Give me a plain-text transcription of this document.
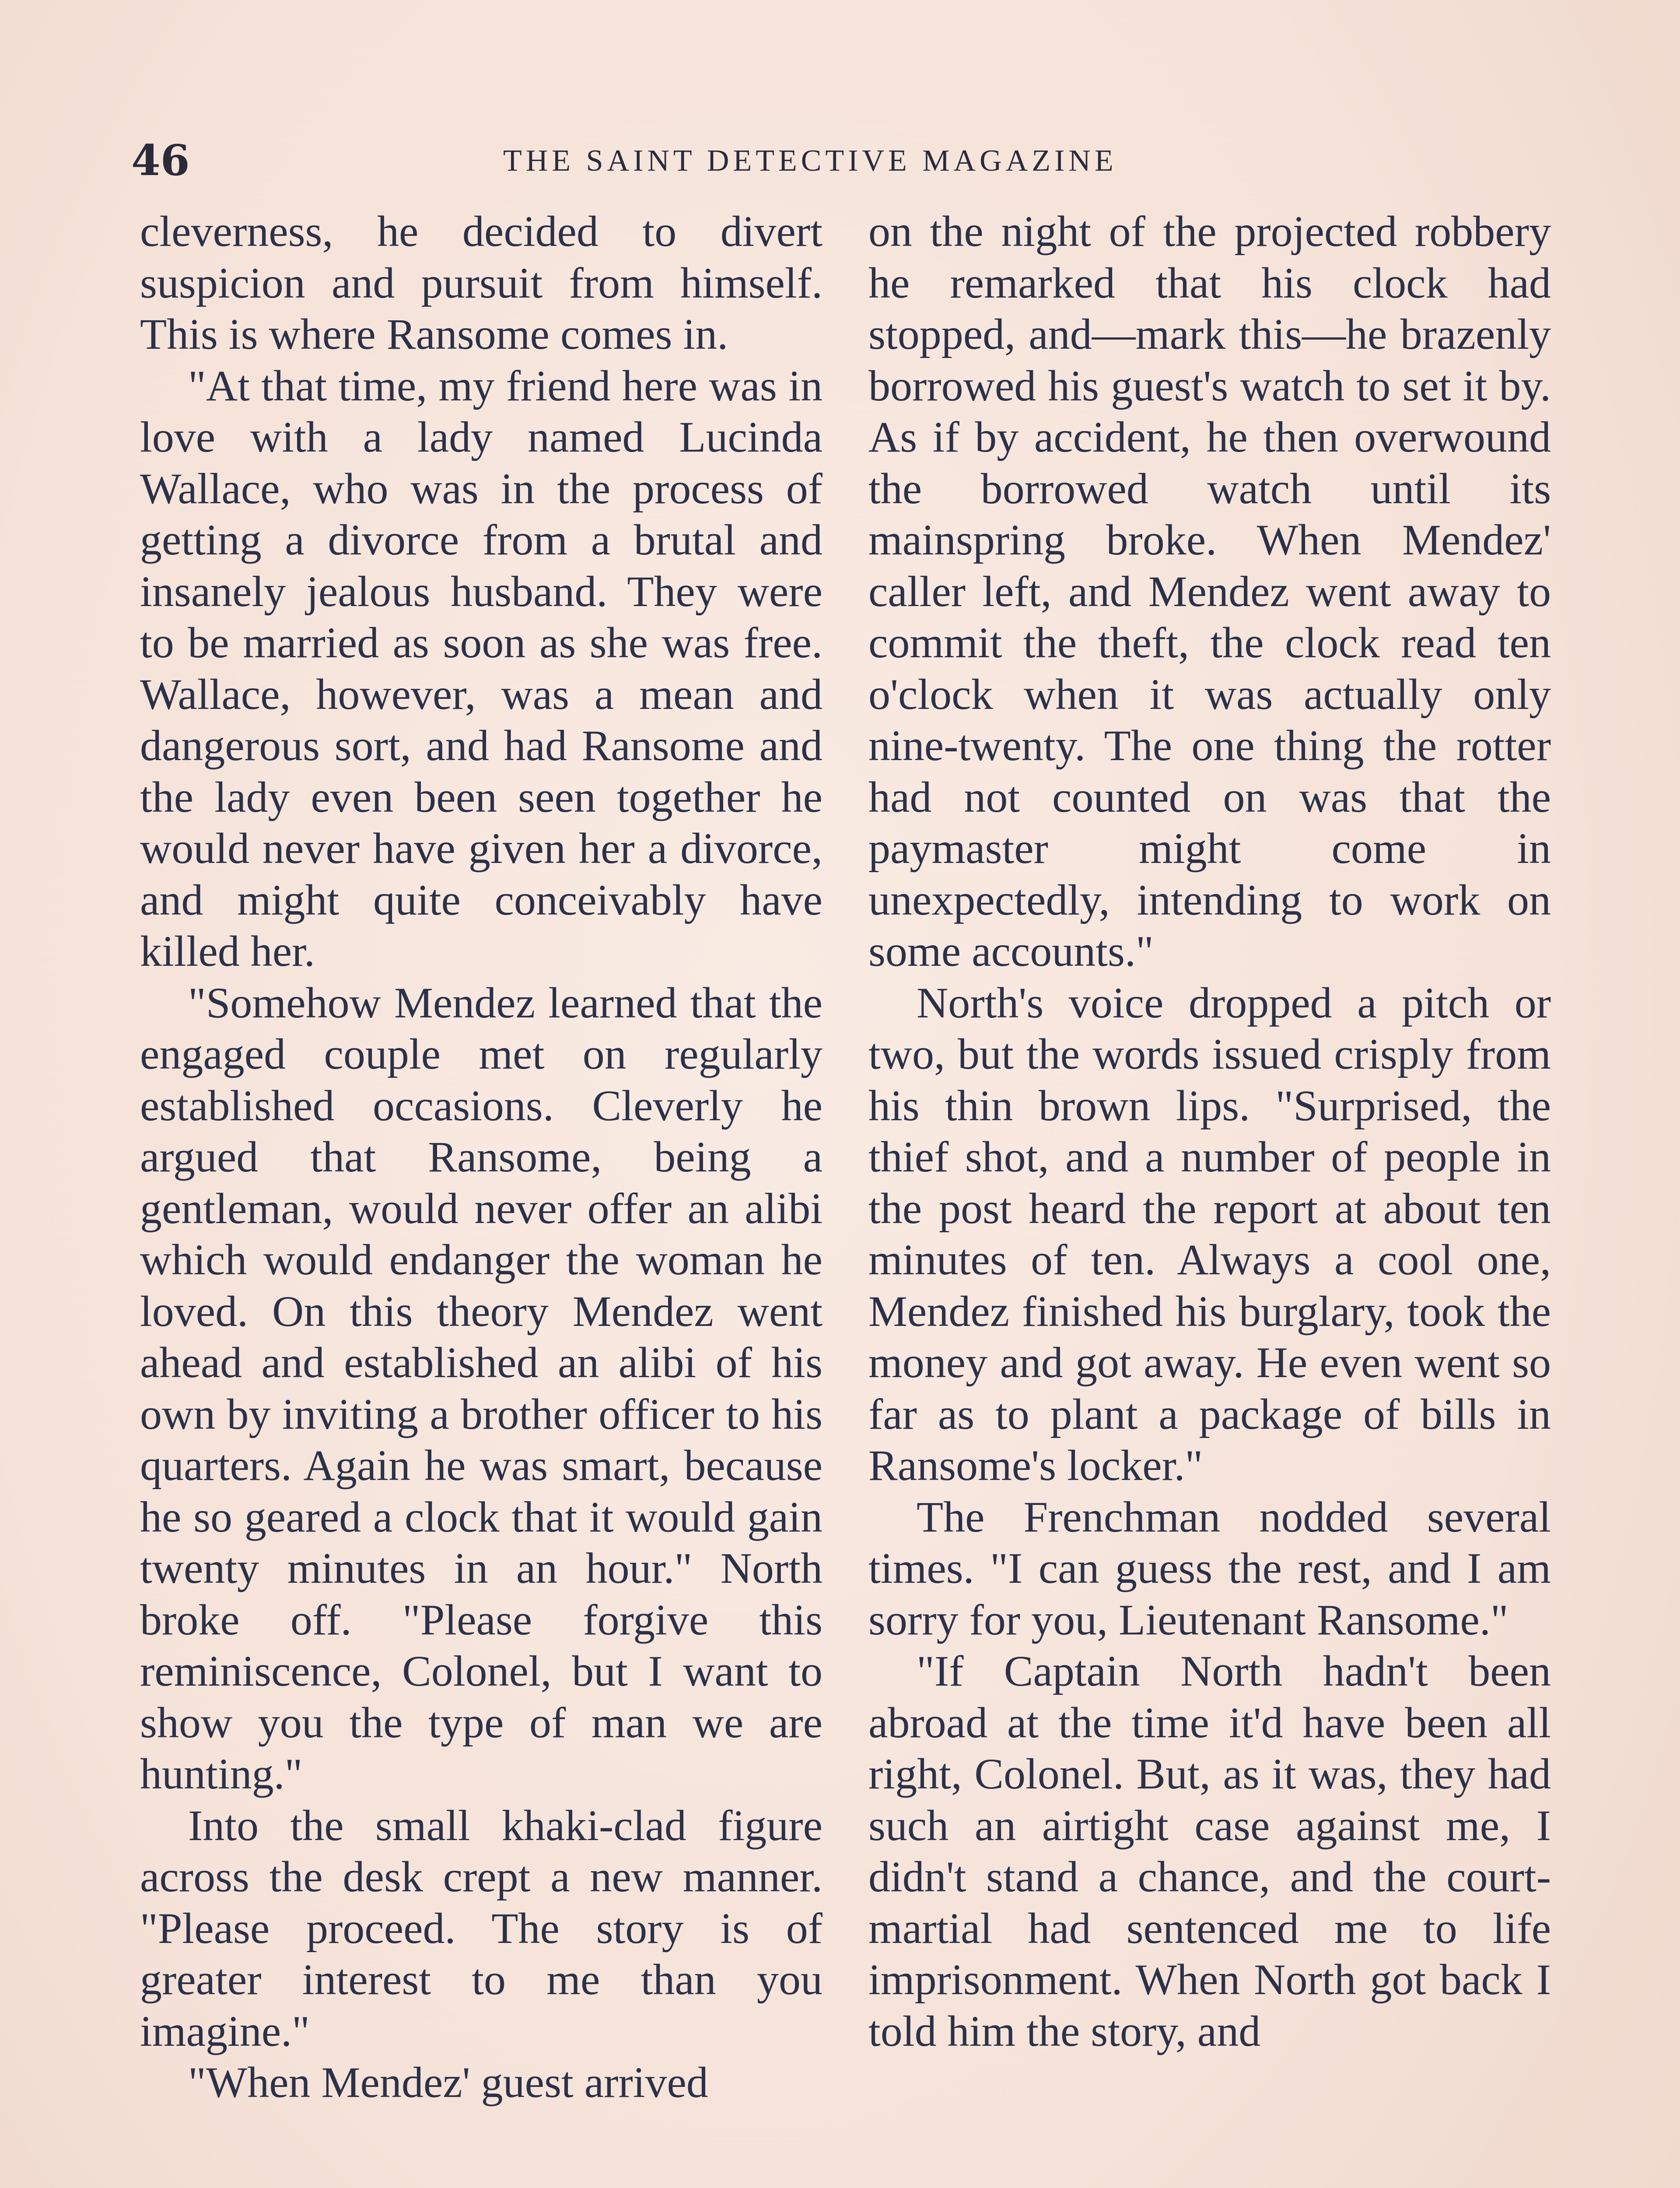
46	THE SAINT DETECTIVE MAGAZINE

cleverness, he decided to divert suspicion and pursuit from himself. This is where Ransome comes in.

"At that time, my friend here was in love with a lady named Lucinda Wallace, who was in the process of getting a divorce from a brutal and insanely jealous husband. They were to be married as soon as she was free. Wallace, however, was a mean and dangerous sort, and had Ransome and the lady even been seen together he would never have given her a divorce, and might quite conceivably have killed her.

"Somehow Mendez learned that the engaged couple met on regularly established occasions. Cleverly he argued that Ransome, being a gentleman, would never offer an alibi which would endanger the woman he loved. On this theory Mendez went ahead and established an alibi of his own by inviting a brother officer to his quarters. Again he was smart, because he so geared a clock that it would gain twenty minutes in an hour." North broke off. "Please forgive this reminiscence, Colonel, but I want to show you the type of man we are hunting."

Into the small khaki-clad figure across the desk crept a new manner. "Please proceed. The story is of greater interest to me than you imagine."

"When Mendez' guest arrived

on the night of the projected robbery he remarked that his clock had stopped, and—mark this—he brazenly borrowed his guest's watch to set it by. As if by accident, he then overwound the borrowed watch until its mainspring broke. When Mendez' caller left, and Mendez went away to commit the theft, the clock read ten o'clock when it was actually only nine-twenty. The one thing the rotter had not counted on was that the paymaster might come in unexpectedly, intending to work on some accounts."

North's voice dropped a pitch or two, but the words issued crisply from his thin brown lips. "Surprised, the thief shot, and a number of people in the post heard the report at about ten minutes of ten. Always a cool one, Mendez finished his burglary, took the money and got away. He even went so far as to plant a package of bills in Ransome's locker."

The Frenchman nodded several times. "I can guess the rest, and I am sorry for you, Lieutenant Ransome."

"If Captain North hadn't been abroad at the time it'd have been all right, Colonel. But, as it was, they had such an airtight case against me, I didn't stand a chance, and the court-martial had sentenced me to life imprisonment. When North got back I told him the story, and
